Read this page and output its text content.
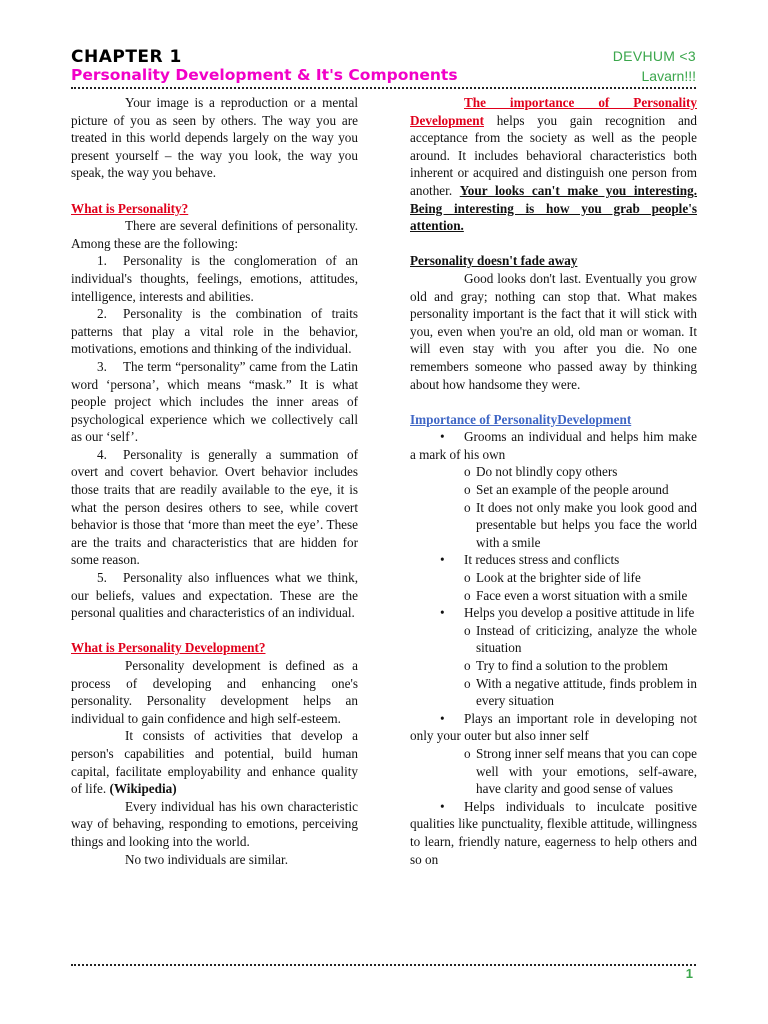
CHAPTER 1
Personality Development & It's Components
DEVHUM <3
Lavarn!!!

Your image is a reproduction or a mental picture of you as seen by others. The way you are treated in this world depends largely on the way you present yourself – the way you look, the way you speak, the way you behave.

What is Personality?

There are several definitions of personality. Among these are the following:

1. Personality is the conglomeration of an individual's thoughts, feelings, emotions, attitudes, intelligence, interests and abilities.

2. Personality is the combination of traits patterns that play a vital role in the behavior, motivations, emotions and thinking of the individual.

3. The term “personality” came from the Latin word ‘persona’, which means “mask.” It is what people project which includes the inner areas of psychological experience which we collectively call as our ‘self’.

4. Personality is generally a summation of overt and covert behavior. Overt behavior includes those traits that are readily available to the eye, it is what the person desires others to see, while covert behavior is those that ‘more than meet the eye’. These are the traits and characteristics that are hidden for some reason.

5. Personality also influences what we think, our beliefs, values and expectation. These are the personal qualities and characteristics of an individual.

What is Personality Development?

Personality development is defined as a process of developing and enhancing one's personality. Personality development helps an individual to gain confidence and high self-esteem.

It consists of activities that develop a person's capabilities and potential, build human capital, facilitate employability and enhance quality of life. (Wikipedia)

Every individual has his own characteristic way of behaving, responding to emotions, perceiving things and looking into the world.

No two individuals are similar.

The importance of Personality Development helps you gain recognition and acceptance from the society as well as the people around. It includes behavioral characteristics both inherent or acquired and distinguish one person from another. Your looks can't make you interesting. Being interesting is how you grab people's attention.

Personality doesn't fade away

Good looks don't last. Eventually you grow old and gray; nothing can stop that. What makes personality important is the fact that it will stick with you, even when you're an old, old man or woman. It will even stay with you after you die. No one remembers someone who passed away by thinking about how handsome they were.

Importance of PersonalityDevelopment

• Grooms an individual and helps him make a mark of his own

o Do not blindly copy others
o Set an example of the people around
o It does not only make you look good and presentable but helps you face the world with a smile

• It reduces stress and conflicts

o Look at the brighter side of life
o Face even a worst situation with a smile

• Helps you develop a positive attitude in life

o Instead of criticizing, analyze the whole situation
o Try to find a solution to the problem
o With a negative attitude, finds problem in every situation

• Plays an important role in developing not only your outer but also inner self

o Strong inner self means that you can cope well with your emotions, self-aware, have clarity and good sense of values

• Helps individuals to inculcate positive qualities like punctuality, flexible attitude, willingness to learn, friendly nature, eagerness to help others and so on

1
